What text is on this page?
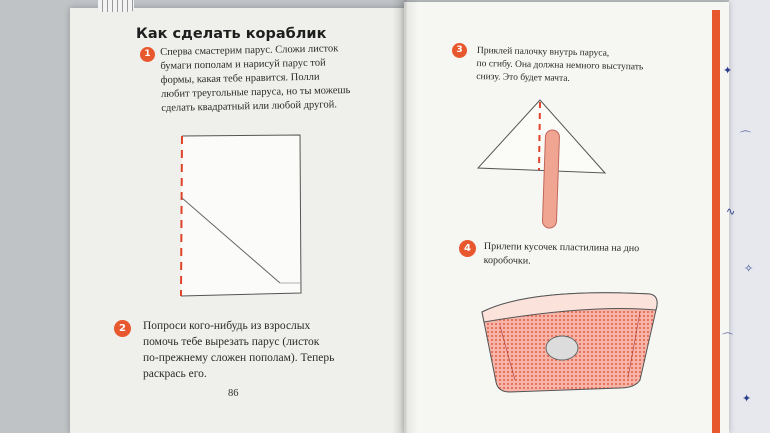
✦
⌒
∿
✧
⌒
✦
Как сделать кораблик
1 Сперва смастерим парус. Сложи листок
бумаги пополам и нарисуй парус той
формы, какая тебе нравится. Полли
любит треугольные паруса, но ты можешь
сделать квадратный или любой другой.

2	Попроси кого-нибудь из взрослых
помочь тебе вырезать парус (листок
по-прежнему сложен пополам). Теперь
раскрась его.

86
3	Приклей палочку внутрь паруса,
по сгибу. Она должна немного выступать
снизу. Это будет мачта.

4	Прилепи кусочек пластилина на дно
коробочки.
